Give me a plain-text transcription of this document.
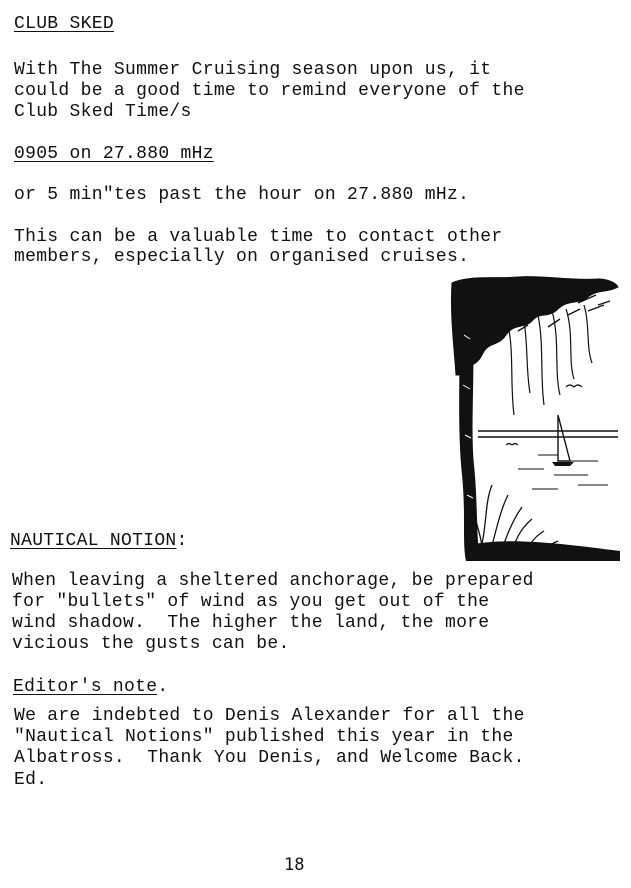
CLUB SKED

With The Summer Cruising season upon us, it

could be a good time to remind everyone of the

Club Sked Time/s

0905 on 27.880 mHz

or 5 min"tes past the hour on 27.880 mHz.

This can be a valuable time to contact other

members, especially on organised cruises.

NAUTICAL NOTION:

When leaving a sheltered anchorage, be prepared

for "bullets" of wind as you get out of the

wind shadow.  The higher the land, the more

vicious the gusts can be.

Editor's note.

We are indebted to Denis Alexander for all the

"Nautical Notions" published this year in the

Albatross.  Thank You Denis, and Welcome Back.

Ed.

18
